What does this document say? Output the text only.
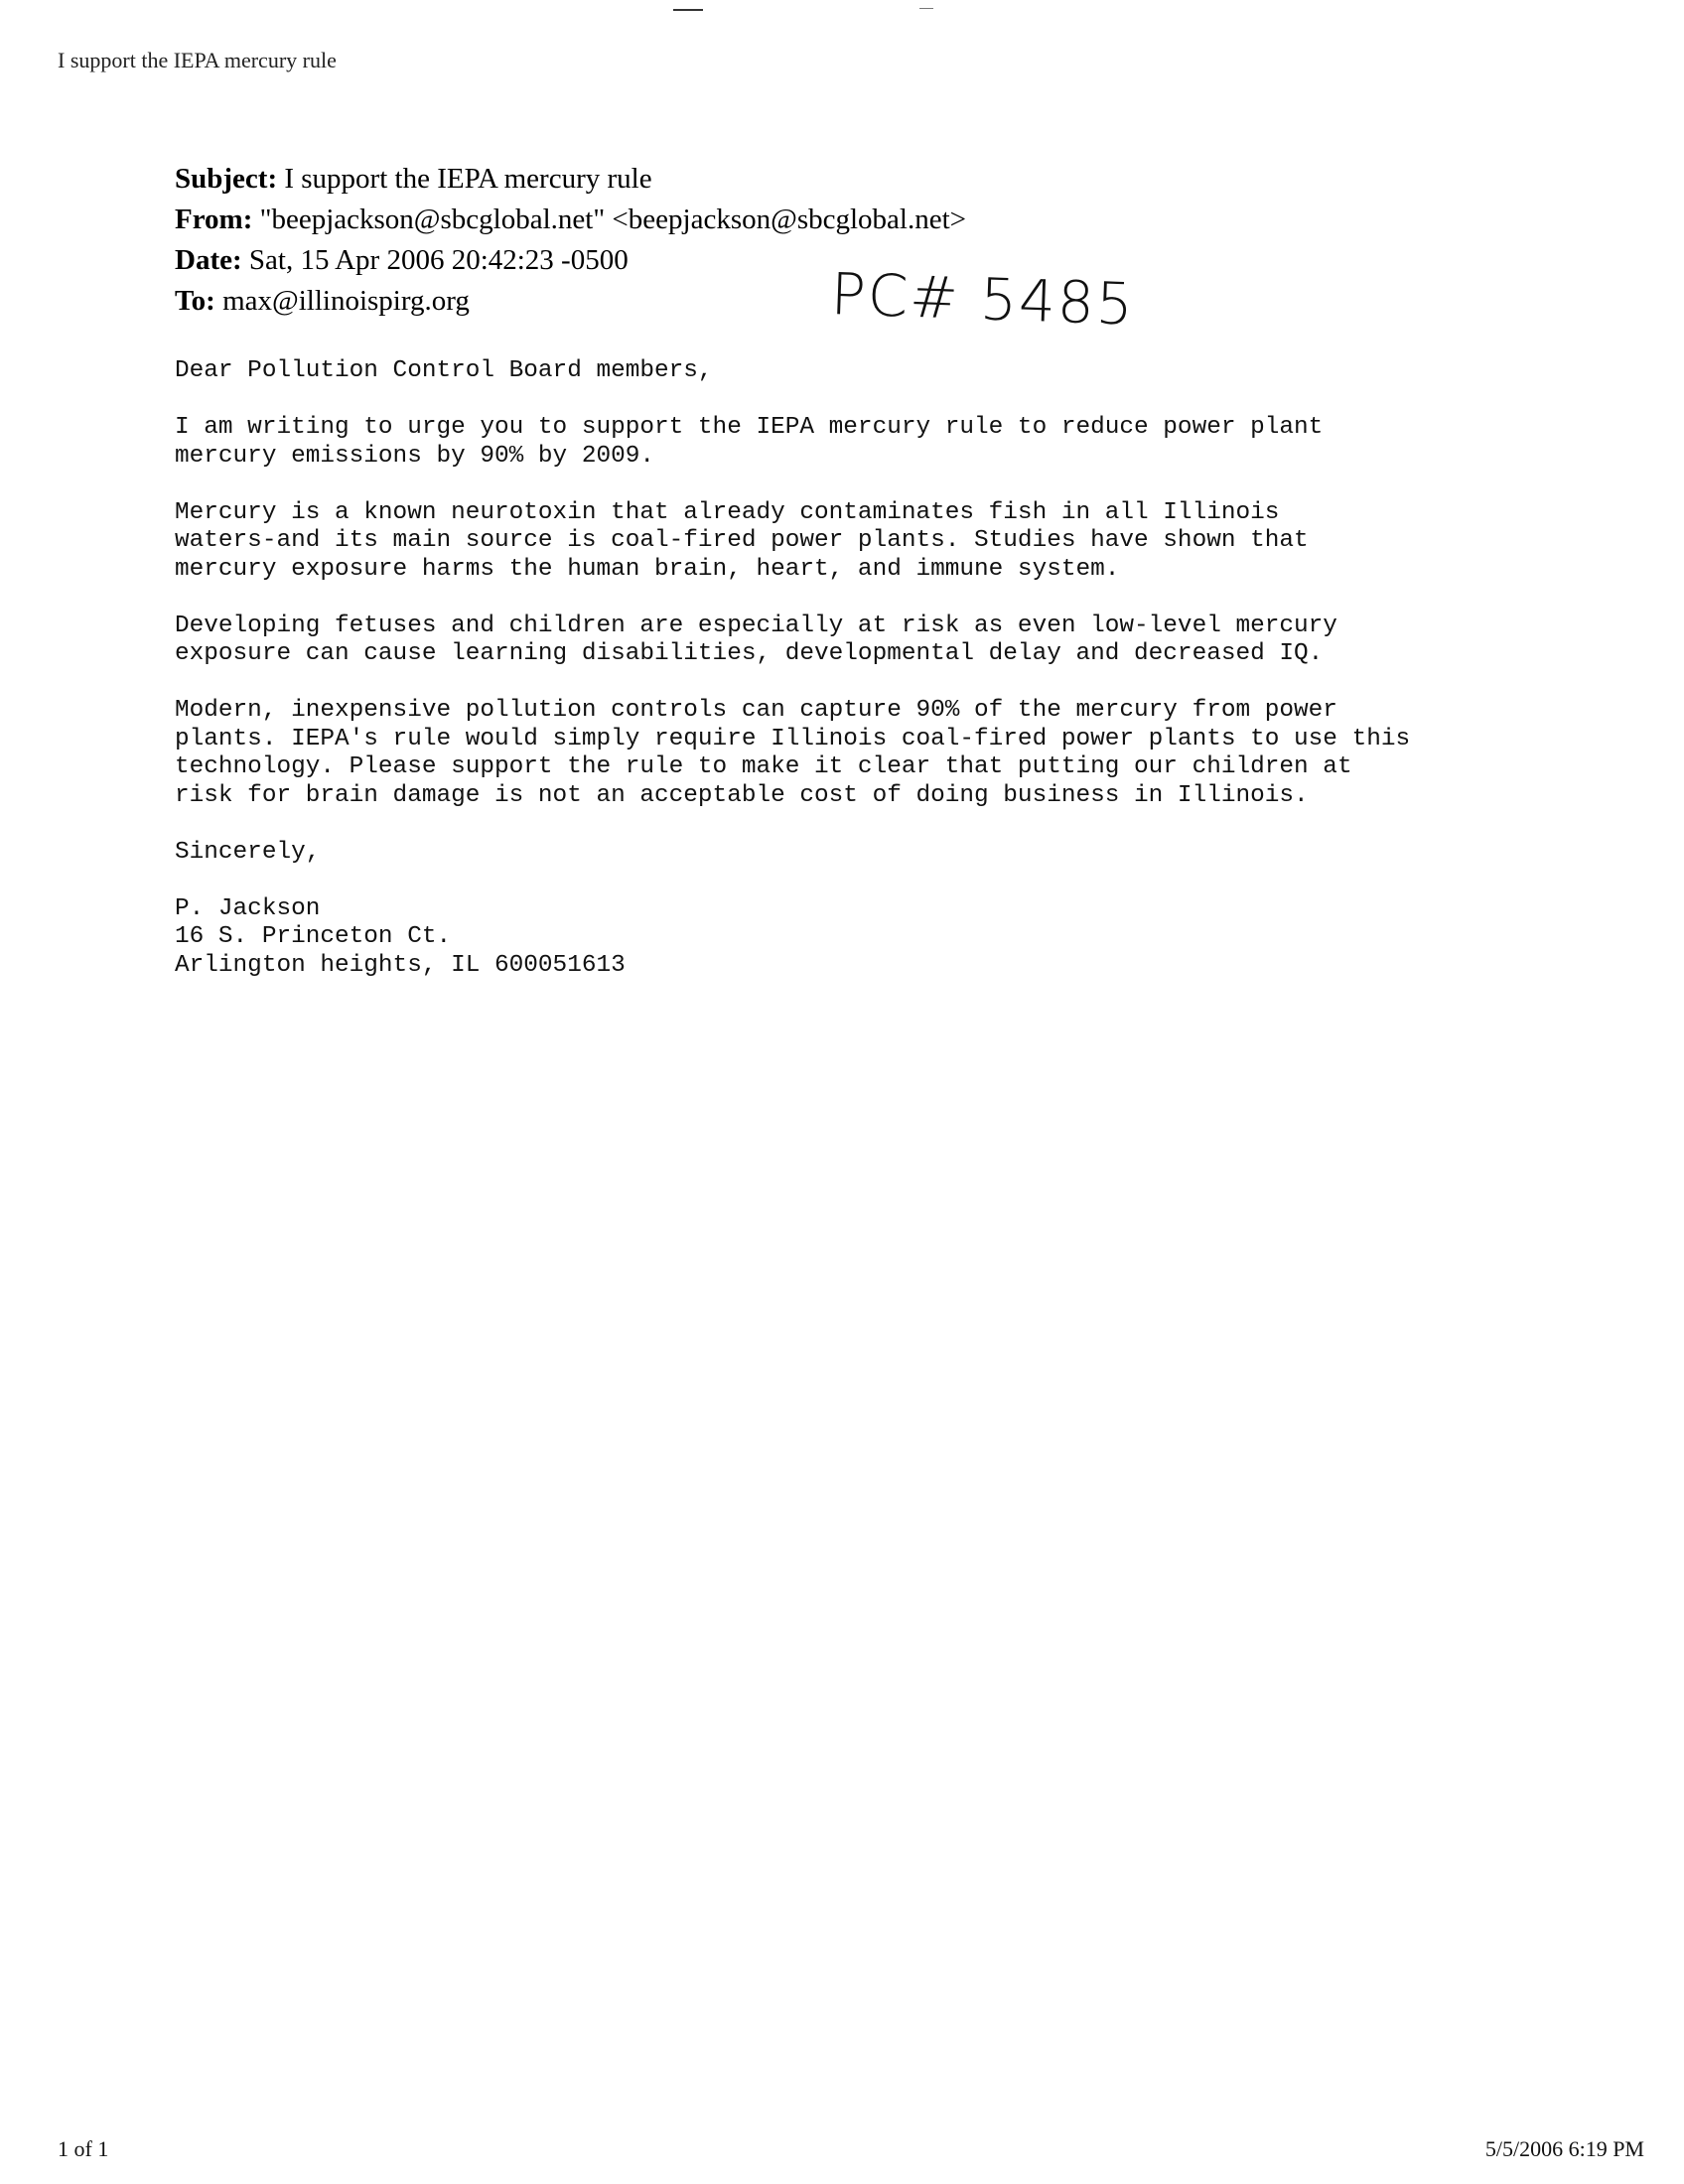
I support the IEPA mercury rule
Subject: I support the IEPA mercury rule
From: "beepjackson@sbcglobal.net" <beepjackson@sbcglobal.net>
Date: Sat, 15 Apr 2006 20:42:23 -0500
To: max@illinoispirg.org	PC# 5485

Dear Pollution Control Board members,

I am writing to urge you to support the IEPA mercury rule to reduce power plant
mercury emissions by 90% by 2009.

Mercury is a known neurotoxin that already contaminates fish in all Illinois
waters-and its main source is coal-fired power plants. Studies have shown that
mercury exposure harms the human brain, heart, and immune system.

Developing fetuses and children are especially at risk as even low-level mercury
exposure can cause learning disabilities, developmental delay and decreased IQ.

Modern, inexpensive pollution controls can capture 90% of the mercury from power
plants. IEPA's rule would simply require Illinois coal-fired power plants to use this
technology. Please support the rule to make it clear that putting our children at
risk for brain damage is not an acceptable cost of doing business in Illinois.

Sincerely,

P. Jackson
16 S. Princeton Ct.
Arlington heights, IL 600051613
1 of 1	5/5/2006 6:19 PM
